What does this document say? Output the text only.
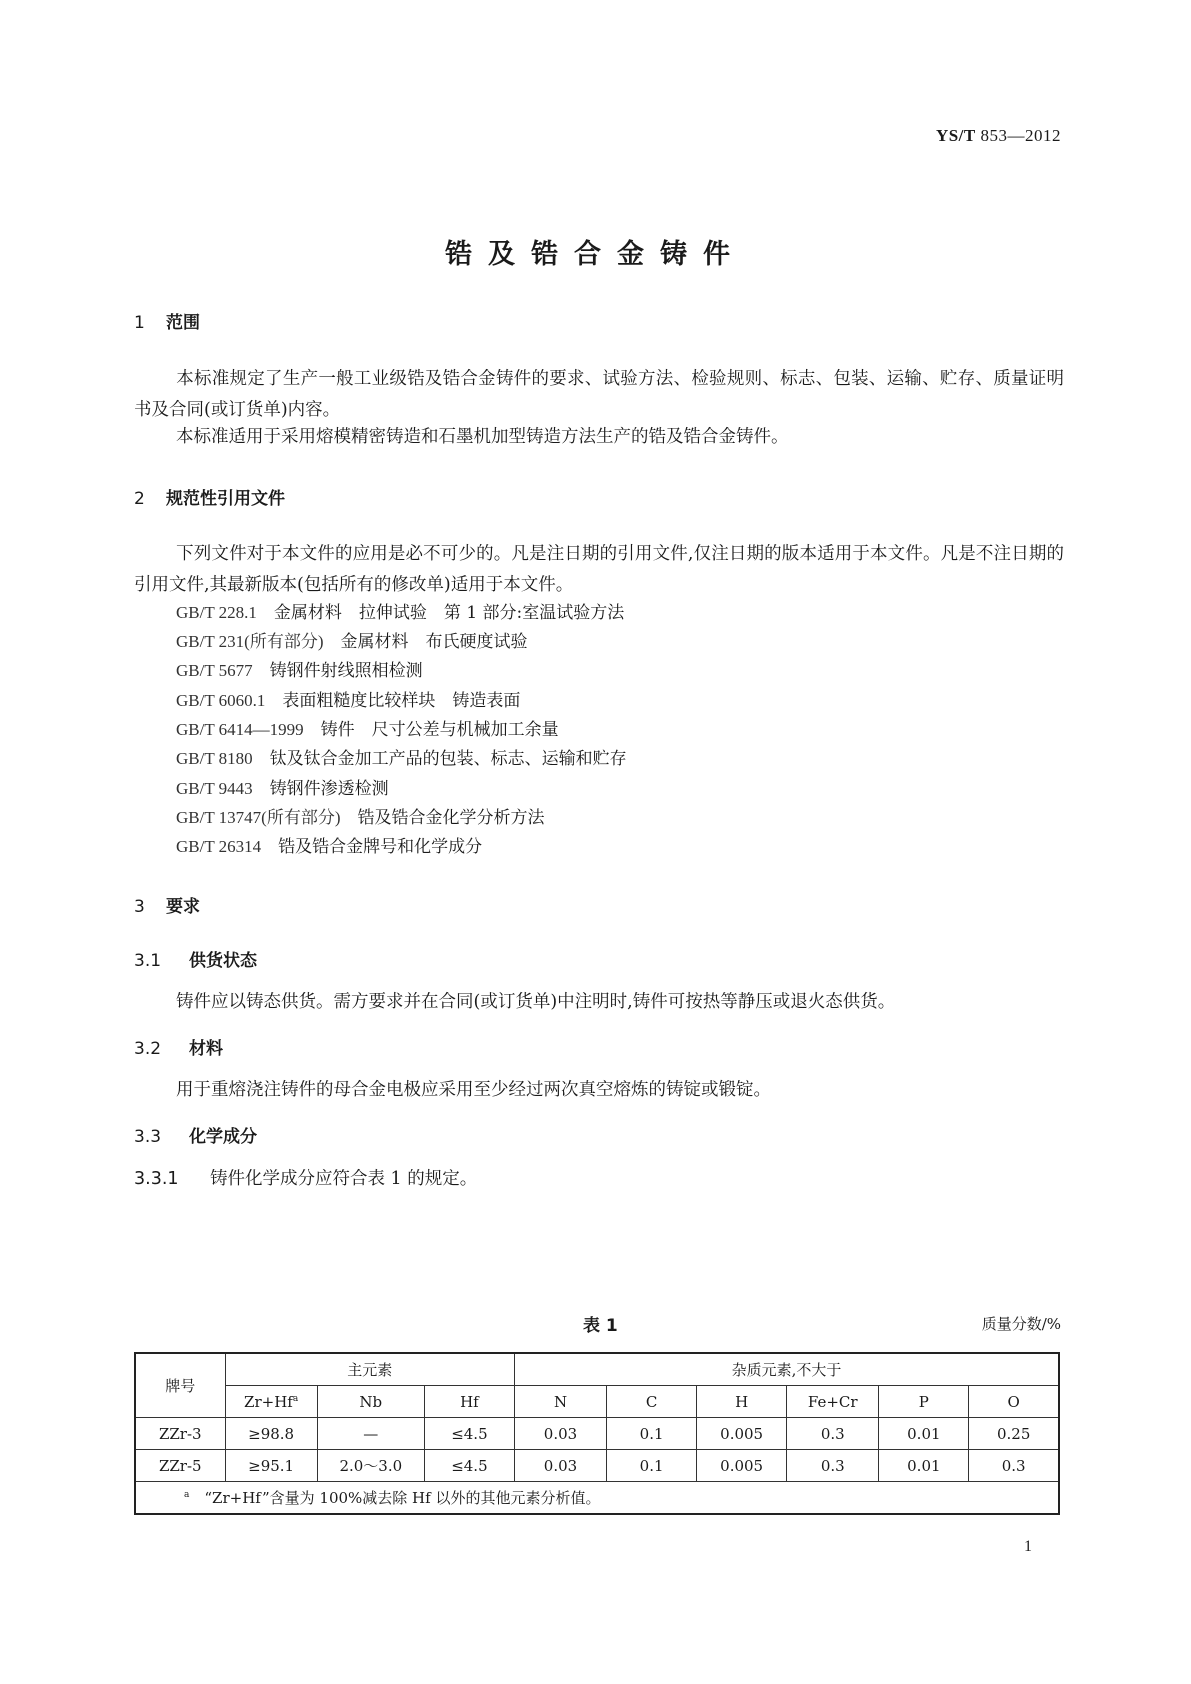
YS/T 853—2012
锆及锆合金铸件
1 范围
本标准规定了生产一般工业级锆及锆合金铸件的要求、试验方法、检验规则、标志、包装、运输、贮存、质量证明书及合同(或订货单)内容。
本标准适用于采用熔模精密铸造和石墨机加型铸造方法生产的锆及锆合金铸件。
2 规范性引用文件
下列文件对于本文件的应用是必不可少的。凡是注日期的引用文件,仅注日期的版本适用于本文件。凡是不注日期的引用文件,其最新版本(包括所有的修改单)适用于本文件。
GB/T 228.1　 金属材料　拉伸试验　第 1 部分:室温试验方法
GB/T 231(所有部分)　 金属材料　布氏硬度试验
GB/T 5677　 铸钢件射线照相检测
GB/T 6060.1　 表面粗糙度比较样块　铸造表面
GB/T 6414—1999　 铸件　尺寸公差与机械加工余量
GB/T 8180　 钛及钛合金加工产品的包装、标志、运输和贮存
GB/T 9443　 铸钢件渗透检测
GB/T 13747(所有部分)　 锆及锆合金化学分析方法
GB/T 26314　 锆及锆合金牌号和化学成分
3 要求
3.1 供货状态
铸件应以铸态供货。需方要求并在合同(或订货单)中注明时,铸件可按热等静压或退火态供货。
3.2 材料
用于重熔浇注铸件的母合金电极应采用至少经过两次真空熔炼的铸锭或锻锭。
3.3 化学成分
3.3.1 铸件化学成分应符合表 1 的规定。
表 1	质量分数/%
牌号	主元素			杂质元素,不大于					
	$Zr+Hf^a$	Nb	Hf	N	C	H	Fe+Cr	P	O
ZZr-3	≥98.8	—	≤4.5	0.03	0.1	0.005	0.3	0.01	0.25
ZZr-5	≥95.1	2.0～3.0	≤4.5	0.03	0.1	0.005	0.3	0.01	0.3
$^a$　 “Zr+Hf”含量为 100%减去除 Hf 以外的其他元素分析值。									
1
